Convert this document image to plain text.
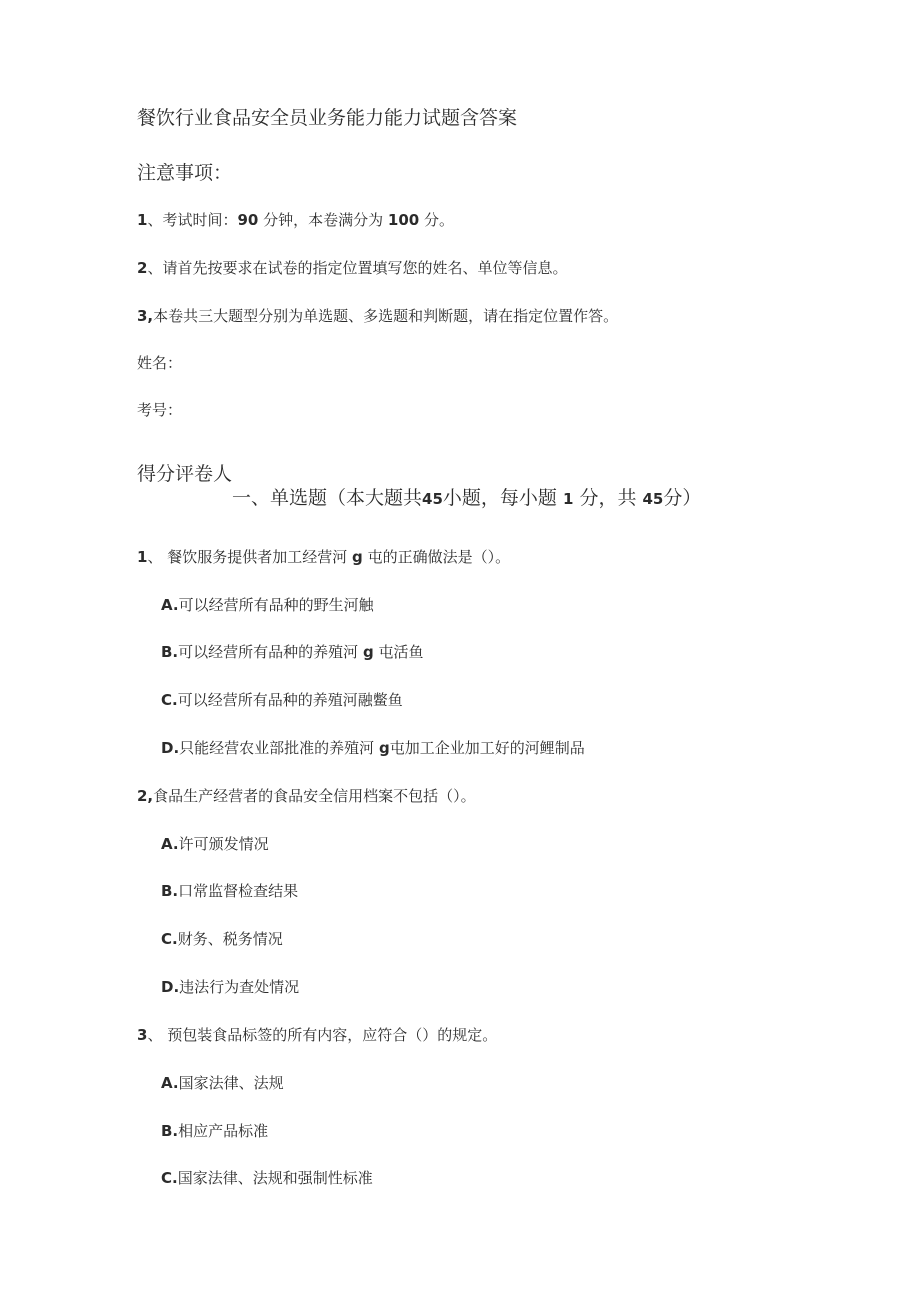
餐饮行业食品安全员业务能力能力试题含答案
注意事项：
1、考试时间：90 分钟，本卷满分为 100 分。
2、请首先按要求在试卷的指定位置填写您的姓名、单位等信息。
3,本卷共三大题型分别为单选题、多选题和判断题，请在指定位置作答。
姓名：
考号：
得分评卷人
一、单选题（本大题共45小题，每小题 1 分，共 45分）
1、 餐饮服务提供者加工经营河 g 屯的正确做法是（）。
A.可以经营所有品种的野生河触
B.可以经营所有品种的养殖河 g 屯活鱼
C.可以经营所有品种的养殖河融鳖鱼
D.只能经营农业部批准的养殖河 g屯加工企业加工好的河鲤制品
2,食品生产经营者的食品安全信用档案不包括（）。
A.许可颁发情况
B.口常监督检查结果
C.财务、税务情况
D.违法行为查处情况
3、 预包装食品标签的所有内容，应符合（）的规定。
A.国家法律、法规
B.相应产品标准
C.国家法律、法规和强制性标准
